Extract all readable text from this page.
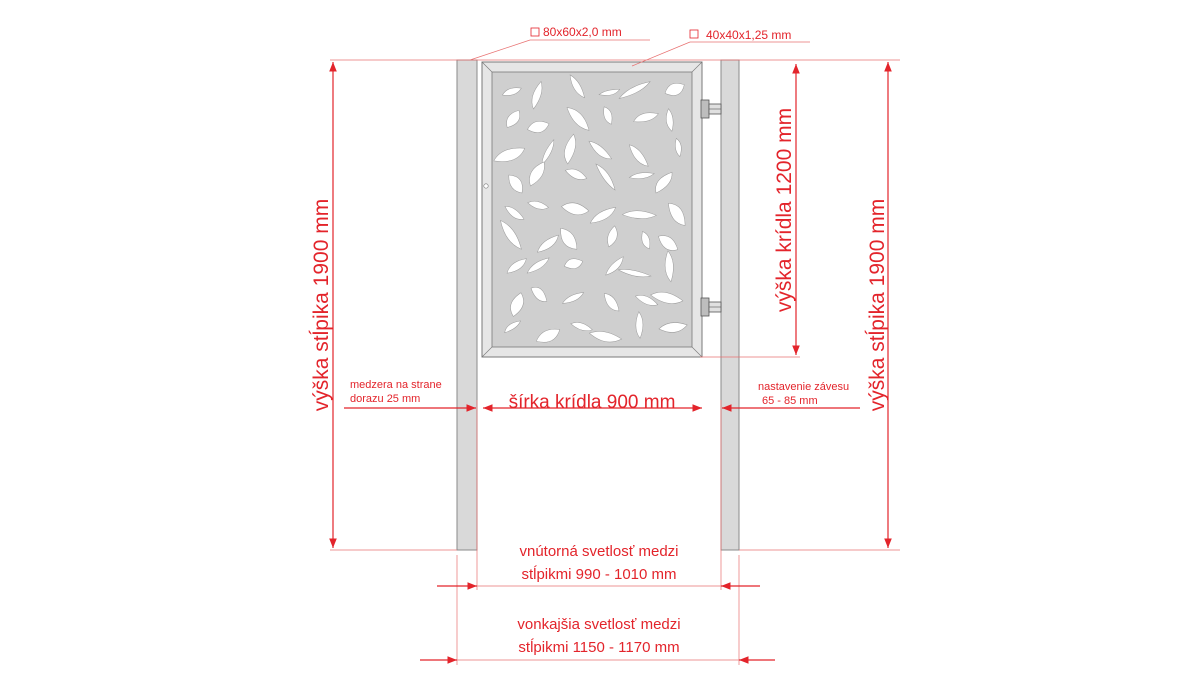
80x60x2,0 mm	40x40x1,25 mm
výška stĺpika 1900 mm	výška stĺpika 1900 mm
výška krídla 1200 mm
medzera na strane
dorazu 25 mm	šírka krídla 900 mm
nastavenie závesu
65 - 85 mm
vnútorná svetlosť medzi
stĺpikmi 990 - 1010 mm
vonkajšia svetlosť medzi
stĺpikmi 1150 - 1170 mm
